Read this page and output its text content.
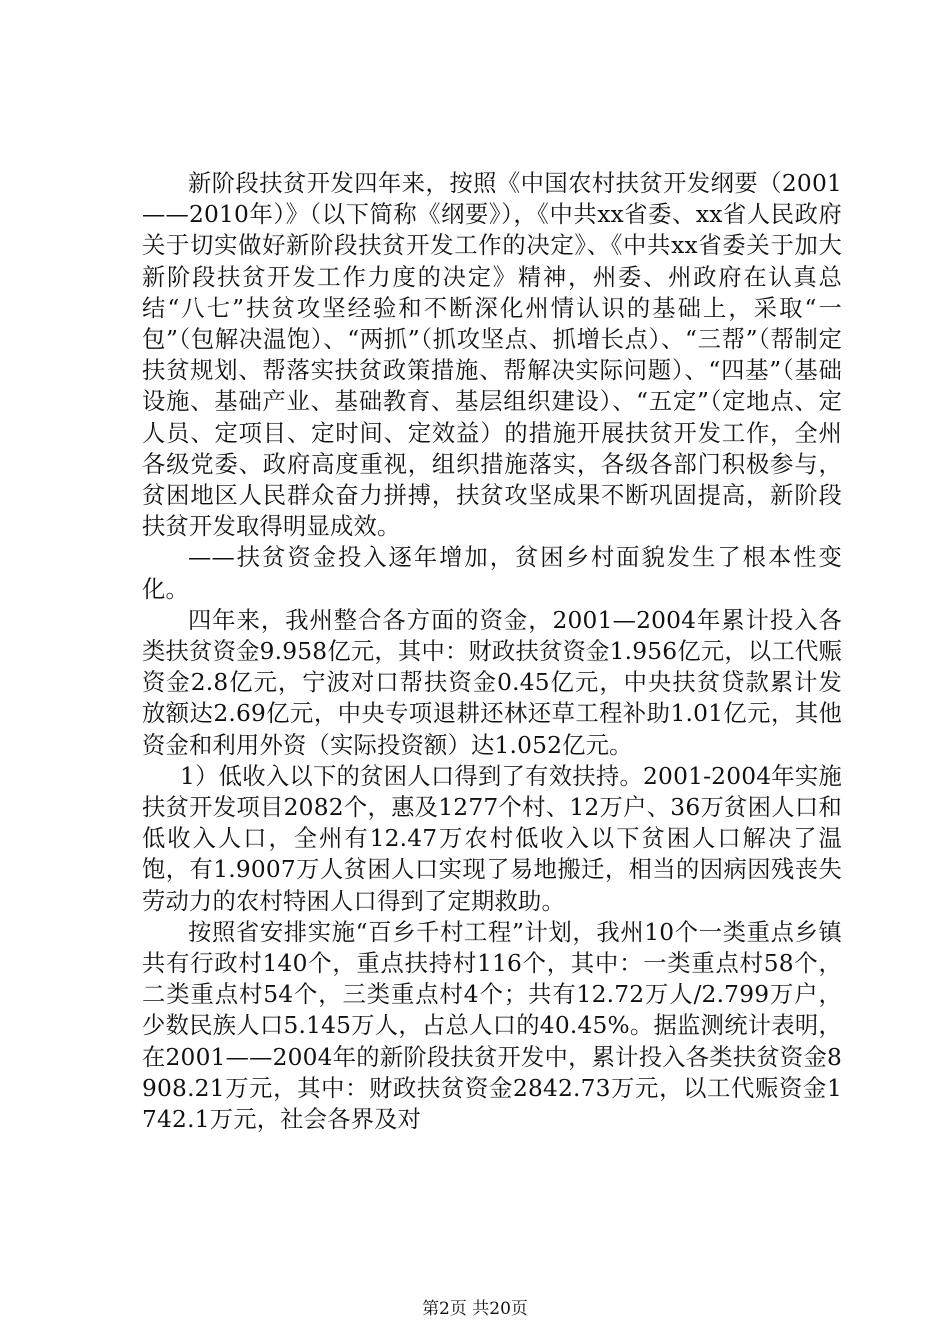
新阶段扶贫开发四年来，按照《中国农村扶贫开发纲要（2001——2010年）》（以下简称《纲要》），《中共xx省委、xx省人民政府关于切实做好新阶段扶贫开发工作的决定》、《中共xx省委关于加大新阶段扶贫开发工作力度的决定》精神，州委、州政府在认真总结“八七”扶贫攻坚经验和不断深化州情认识的基础上，采取“一包”（包解决温饱）、“两抓”（抓攻坚点、抓增长点）、“三帮”（帮制定扶贫规划、帮落实扶贫政策措施、帮解决实际问题）、“四基”（基础设施、基础产业、基础教育、基层组织建设）、“五定”（定地点、定人员、定项目、定时间、定效益）的措施开展扶贫开发工作，全州各级党委、政府高度重视，组织措施落实，各级各部门积极参与，贫困地区人民群众奋力拼搏，扶贫攻坚成果不断巩固提高，新阶段扶贫开发取得明显成效。

——扶贫资金投入逐年增加，贫困乡村面貌发生了根本性变化。

四年来，我州整合各方面的资金，2001—2004年累计投入各类扶贫资金9.958亿元，其中：财政扶贫资金1.956亿元，以工代赈资金2.8亿元，宁波对口帮扶资金0.45亿元，中央扶贫贷款累计发放额达2.69亿元，中央专项退耕还林还草工程补助1.01亿元，其他资金和利用外资（实际投资额）达1.052亿元。

1）低收入以下的贫困人口得到了有效扶持。2001-2004年实施扶贫开发项目2082个，惠及1277个村、12万户、36万贫困人口和低收入人口，全州有12.47万农村低收入以下贫困人口解决了温饱，有1.9007万人贫困人口实现了易地搬迁，相当的因病因残丧失劳动力的农村特困人口得到了定期救助。

按照省安排实施“百乡千村工程”计划，我州10个一类重点乡镇共有行政村140个，重点扶持村116个，其中：一类重点村58个，二类重点村54个，三类重点村4个；共有12.72万人/2.799万户，少数民族人口5.145万人，占总人口的40.45%。据监测统计表明，在2001——2004年的新阶段扶贫开发中，累计投入各类扶贫资金8908.21万元，其中：财政扶贫资金2842.73万元，以工代赈资金1742.1万元，社会各界及对

第2页 共20页
